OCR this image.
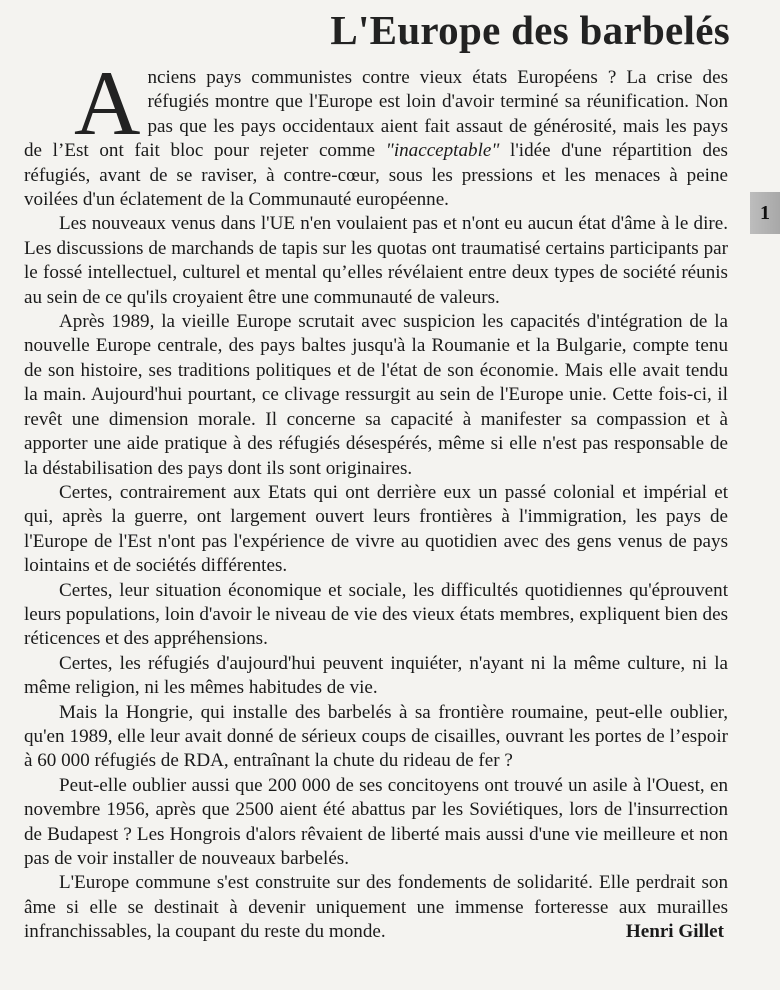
L'Europe des barbelés
1

Anciens pays communistes contre vieux états Européens ? La crise des réfugiés montre que l'Europe est loin d'avoir terminé sa réunification. Non pas que les pays occidentaux aient fait assaut de générosité, mais les pays de l’Est ont fait bloc pour rejeter comme "inacceptable" l'idée d'une répartition des réfugiés, avant de se raviser, à contre-cœur, sous les pressions et les menaces à peine voilées d'un éclatement de la Communauté européenne.

Les nouveaux venus dans l'UE n'en voulaient pas et n'ont eu aucun état d'âme à le dire. Les discussions de marchands de tapis sur les quotas ont traumatisé certains participants par le fossé intellectuel, culturel et mental qu’elles révélaient entre deux types de société réunis au sein de ce qu'ils croyaient être une communauté de valeurs.

Après 1989, la vieille Europe scrutait avec suspicion les capacités d'intégration de la nouvelle Europe centrale, des pays baltes jusqu'à la Roumanie et la Bulgarie, compte tenu de son histoire, ses traditions politiques et de l'état de son économie. Mais elle avait tendu la main. Aujourd'hui pourtant, ce clivage ressurgit au sein de l'Europe unie. Cette fois-ci, il revêt une dimension morale. Il concerne sa capacité à manifester sa compassion et à apporter une aide pratique à des réfugiés désespérés, même si elle n'est pas responsable de la déstabilisation des pays dont ils sont originaires.

Certes, contrairement aux Etats qui ont derrière eux un passé colonial et impérial et qui, après la guerre, ont largement ouvert leurs frontières à l'immigration, les pays de l'Europe de l'Est n'ont pas l'expérience de vivre au quotidien avec des gens venus de pays lointains et de sociétés différentes.

Certes, leur situation économique et sociale, les difficultés quotidiennes qu'éprouvent leurs populations, loin d'avoir le niveau de vie des vieux états membres, expliquent bien des réticences et des appréhensions.

Certes, les réfugiés d'aujourd'hui peuvent inquiéter, n'ayant ni la même culture, ni la même religion, ni les mêmes habitudes de vie.

Mais la Hongrie, qui installe des barbelés à sa frontière roumaine, peut-elle oublier, qu'en 1989, elle leur avait donné de sérieux coups de cisailles, ouvrant les portes de l’espoir à 60 000 réfugiés de RDA, entraînant la chute du rideau de fer ?

Peut-elle oublier aussi que 200 000 de ses concitoyens ont trouvé un asile à l'Ouest, en novembre 1956, après que 2500 aient été abattus par les Soviétiques, lors de l'insurrection de Budapest ? Les Hongrois d'alors rêvaient de liberté mais aussi d'une vie meilleure et non pas de voir installer de nouveaux barbelés.

L'Europe commune s'est construite sur des fondements de solidarité. Elle perdrait son âme si elle se destinait à devenir uniquement une immense forteresse aux murailles infranchissables, la coupant du reste du monde.	Henri Gillet
